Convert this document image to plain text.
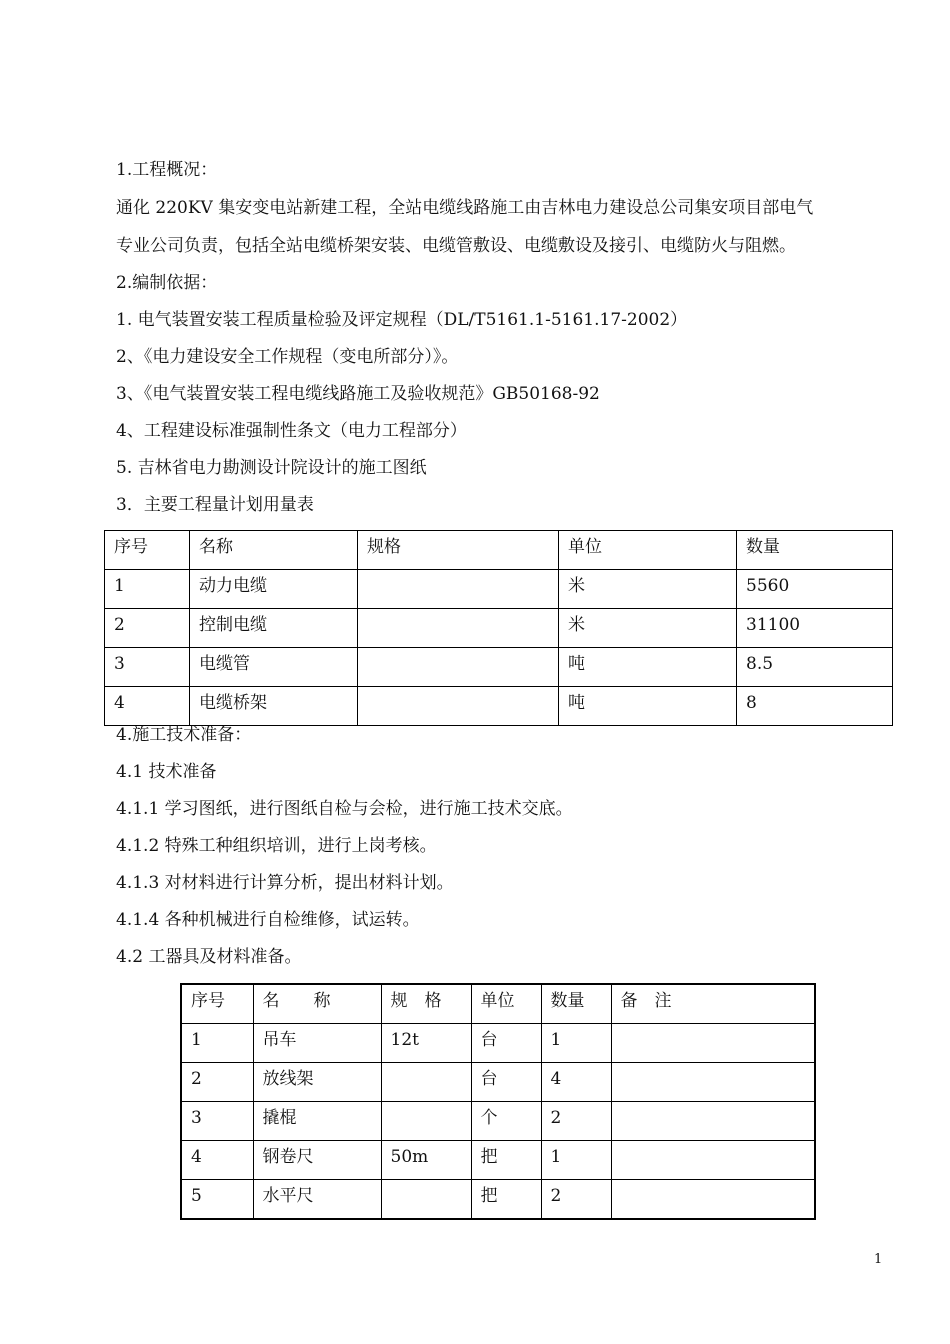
1.工程概况：
通化 220KV 集安变电站新建工程，全站电缆线路施工由吉林电力建设总公司集安项目部电气
专业公司负责，包括全站电缆桥架安装、电缆管敷设、电缆敷设及接引、电缆防火与阻燃。
2.编制依据：
1. 电气装置安装工程质量检验及评定规程（DL/T5161.1-5161.17-2002）
2、《电力建设安全工作规程（变电所部分）》。
3、《电气装置安装工程电缆线路施工及验收规范》GB50168-92
4、工程建设标准强制性条文（电力工程部分）
5. 吉林省电力勘测设计院设计的施工图纸
3．主要工程量计划用量表
序号	名称	规格	单位	数量
1	动力电缆		米	5560
2	控制电缆		米	31100
3	电缆管		吨	8.5
4	电缆桥架		吨	8
4.施工技术准备：
4.1 技术准备
4.1.1 学习图纸，进行图纸自检与会检，进行施工技术交底。
4.1.2 特殊工种组织培训，进行上岗考核。
4.1.3 对材料进行计算分析，提出材料计划。
4.1.4 各种机械进行自检维修，试运转。
4.2 工器具及材料准备。
序号	名　　称	规　格	单位	数量	备　注
1	吊车	12t	台	1	
2	放线架		台	4	
3	撬棍		个	2	
4	钢卷尺	50m	把	1	
5	水平尺		把	2	
1
